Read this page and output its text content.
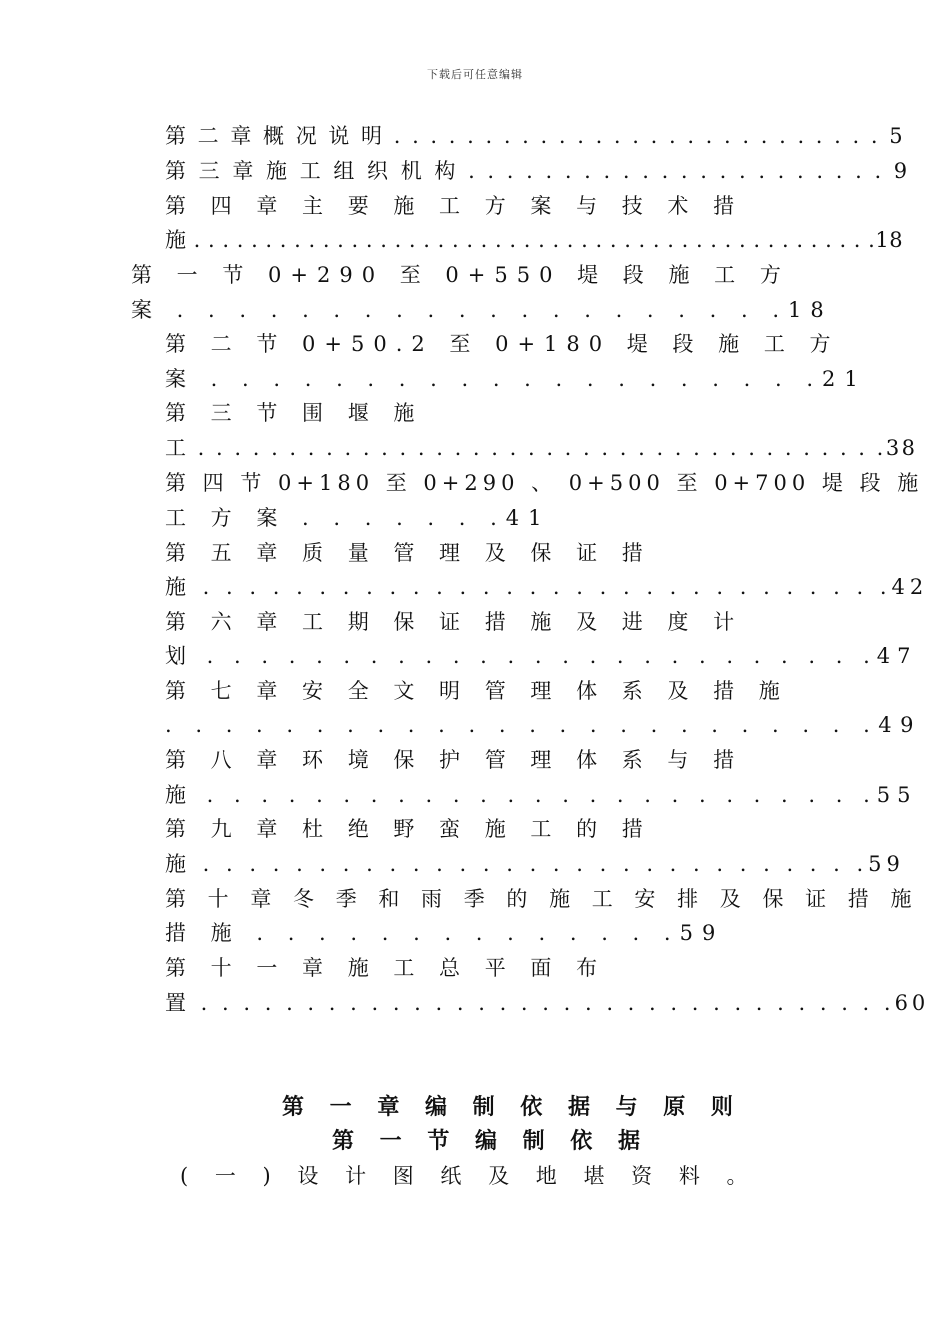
下载后可任意编辑
第 二 章 概 况 说 明 . . . . . . . . . . . . . . . . . . . . . . . . . . . 5
第 三 章 施 工 组 织 机 构 . . . . . . . . . . . . . . . . . . . . . . 9
第 四 章 主 要 施 工 方 案 与 技 术 措
施 . . . . . . . . . . . . . . . . . . . . . . . . . . . . . . . . . . . . . . . . . . . . . . . .18
第 一 节 0+290 至 0+550 堤 段 施 工 方
案 . . . . . . . . . . . . . . . . . . . .18
第 二 节 0+50.2 至 0+180 堤 段 施 工 方
案 . . . . . . . . . . . . . . . . . . . .21
第 三 节 围 堰 施
工 . . . . . . . . . . . . . . . . . . . . . . . . . . . . . . . . . . . . . .38
第 四 节 0+180 至 0+290 、 0+500 至 0+700 堤 段 施
工 方 案 . . . . . . .41
第 五 章 质 量 管 理 及 保 证 措
施 . . . . . . . . . . . . . . . . . . . . . . . . . . . . . .42
第 六 章 工 期 保 证 措 施 及 进 度 计
划 . . . . . . . . . . . . . . . . . . . . . . . . .47
第 七 章 安 全 文 明 管 理 体 系 及 措 施
. . . . . . . . . . . . . . . . . . . . . . . .49
第 八 章 环 境 保 护 管 理 体 系 与 措
施 . . . . . . . . . . . . . . . . . . . . . . . . .55
第 九 章 杜 绝 野 蛮 施 工 的 措
施 . . . . . . . . . . . . . . . . . . . . . . . . . . . . .59
第 十 章 冬 季 和 雨 季 的 施 工 安 排 及 保 证 措 施
措 施 . . . . . . . . . . . . . .59
第 十 一 章 施 工 总 平 面 布
置 . . . . . . . . . . . . . . . . . . . . . . . . . . . . . . . . .60
第 一 章 编 制 依 据 与 原 则
第 一 节 编 制 依 据
( 一 ) 设 计 图 纸 及 地 堪 资 料 。
